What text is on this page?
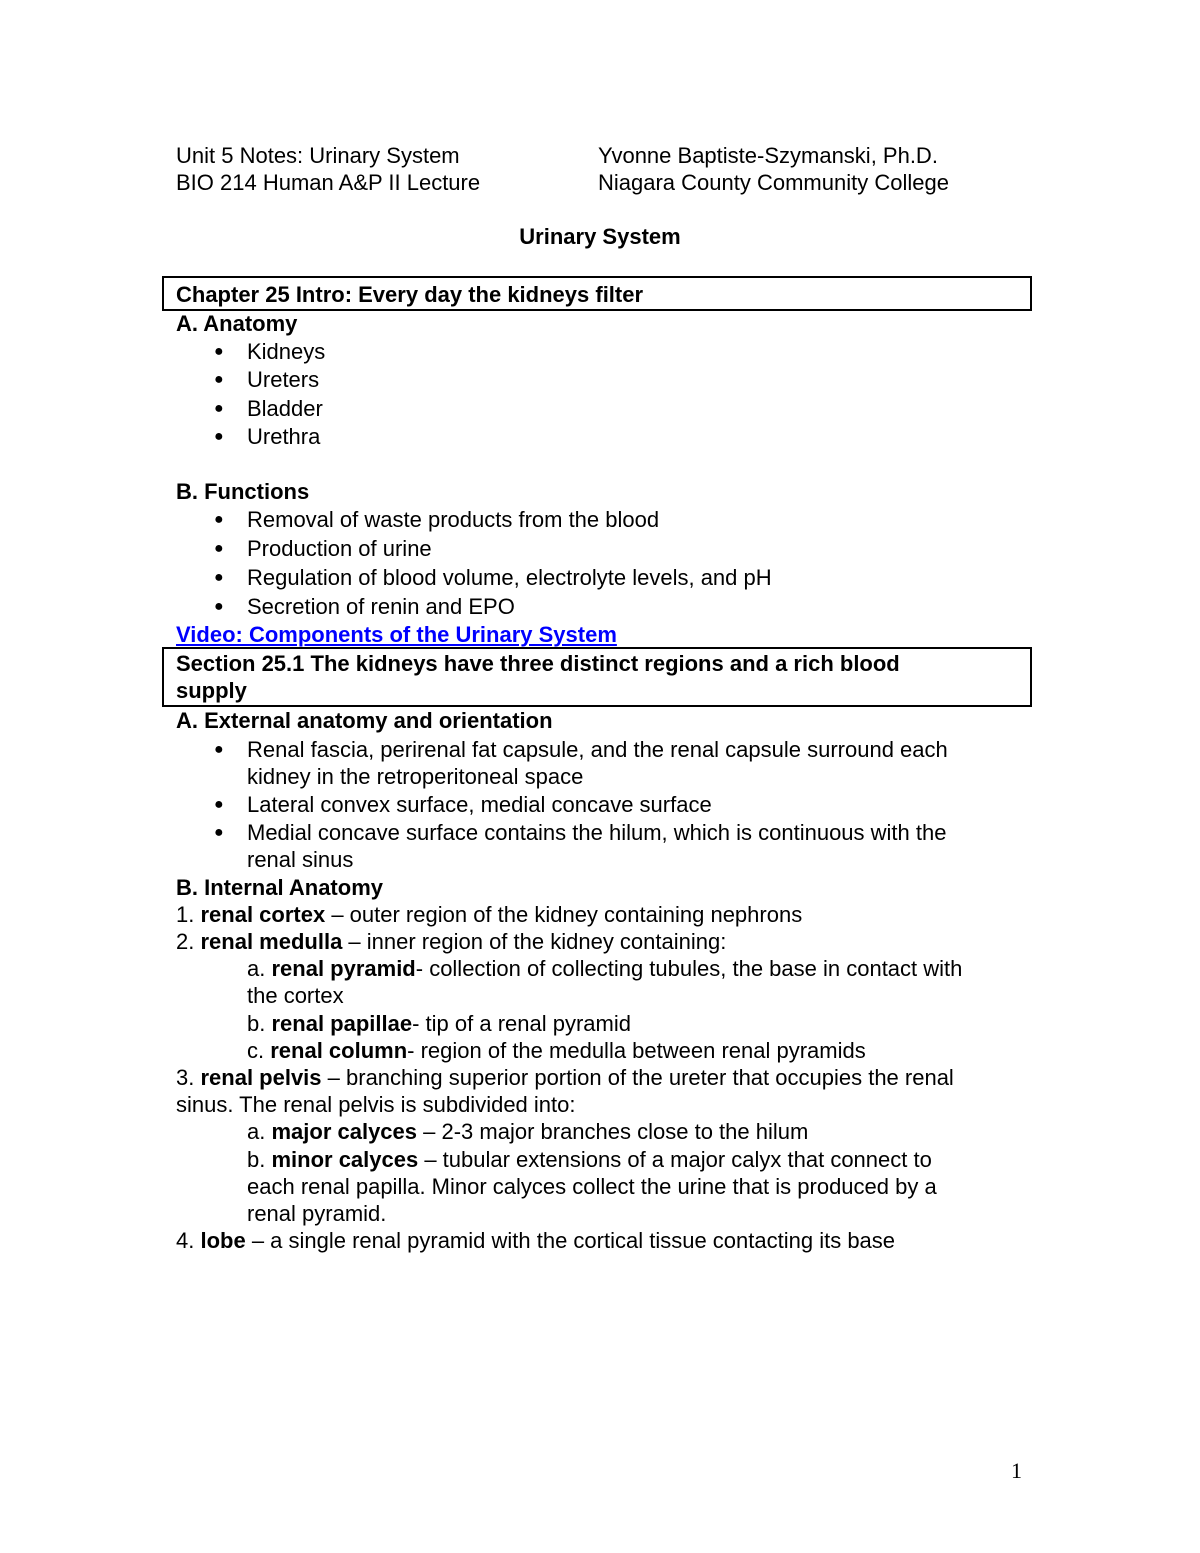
Unit 5 Notes: Urinary System
BIO 214 Human A&P II Lecture
Yvonne Baptiste-Szymanski, Ph.D.
Niagara County Community College
Urinary System
Chapter 25 Intro: Every day the kidneys filter
A. Anatomy
● Kidneys
● Ureters
● Bladder
● Urethra
B. Functions
● Removal of waste products from the blood
● Production of urine
● Regulation of blood volume, electrolyte levels, and pH
● Secretion of renin and EPO
Video: Components of the Urinary System
Section 25.1 The kidneys have three distinct regions and a rich blood
supply
A. External anatomy and orientation
● Renal fascia, perirenal fat capsule, and the renal capsule surround each
kidney in the retroperitoneal space
● Lateral convex surface, medial concave surface
● Medial concave surface contains the hilum, which is continuous with the
renal sinus
B. Internal Anatomy
1. renal cortex – outer region of the kidney containing nephrons
2. renal medulla – inner region of the kidney containing:
a. renal pyramid- collection of collecting tubules, the base in contact with
the cortex
b. renal papillae- tip of a renal pyramid
c. renal column- region of the medulla between renal pyramids
3. renal pelvis – branching superior portion of the ureter that occupies the renal
sinus. The renal pelvis is subdivided into:
a. major calyces – 2-3 major branches close to the hilum
b. minor calyces – tubular extensions of a major calyx that connect to
each renal papilla. Minor calyces collect the urine that is produced by a
renal pyramid.
4. lobe – a single renal pyramid with the cortical tissue contacting its base
1
